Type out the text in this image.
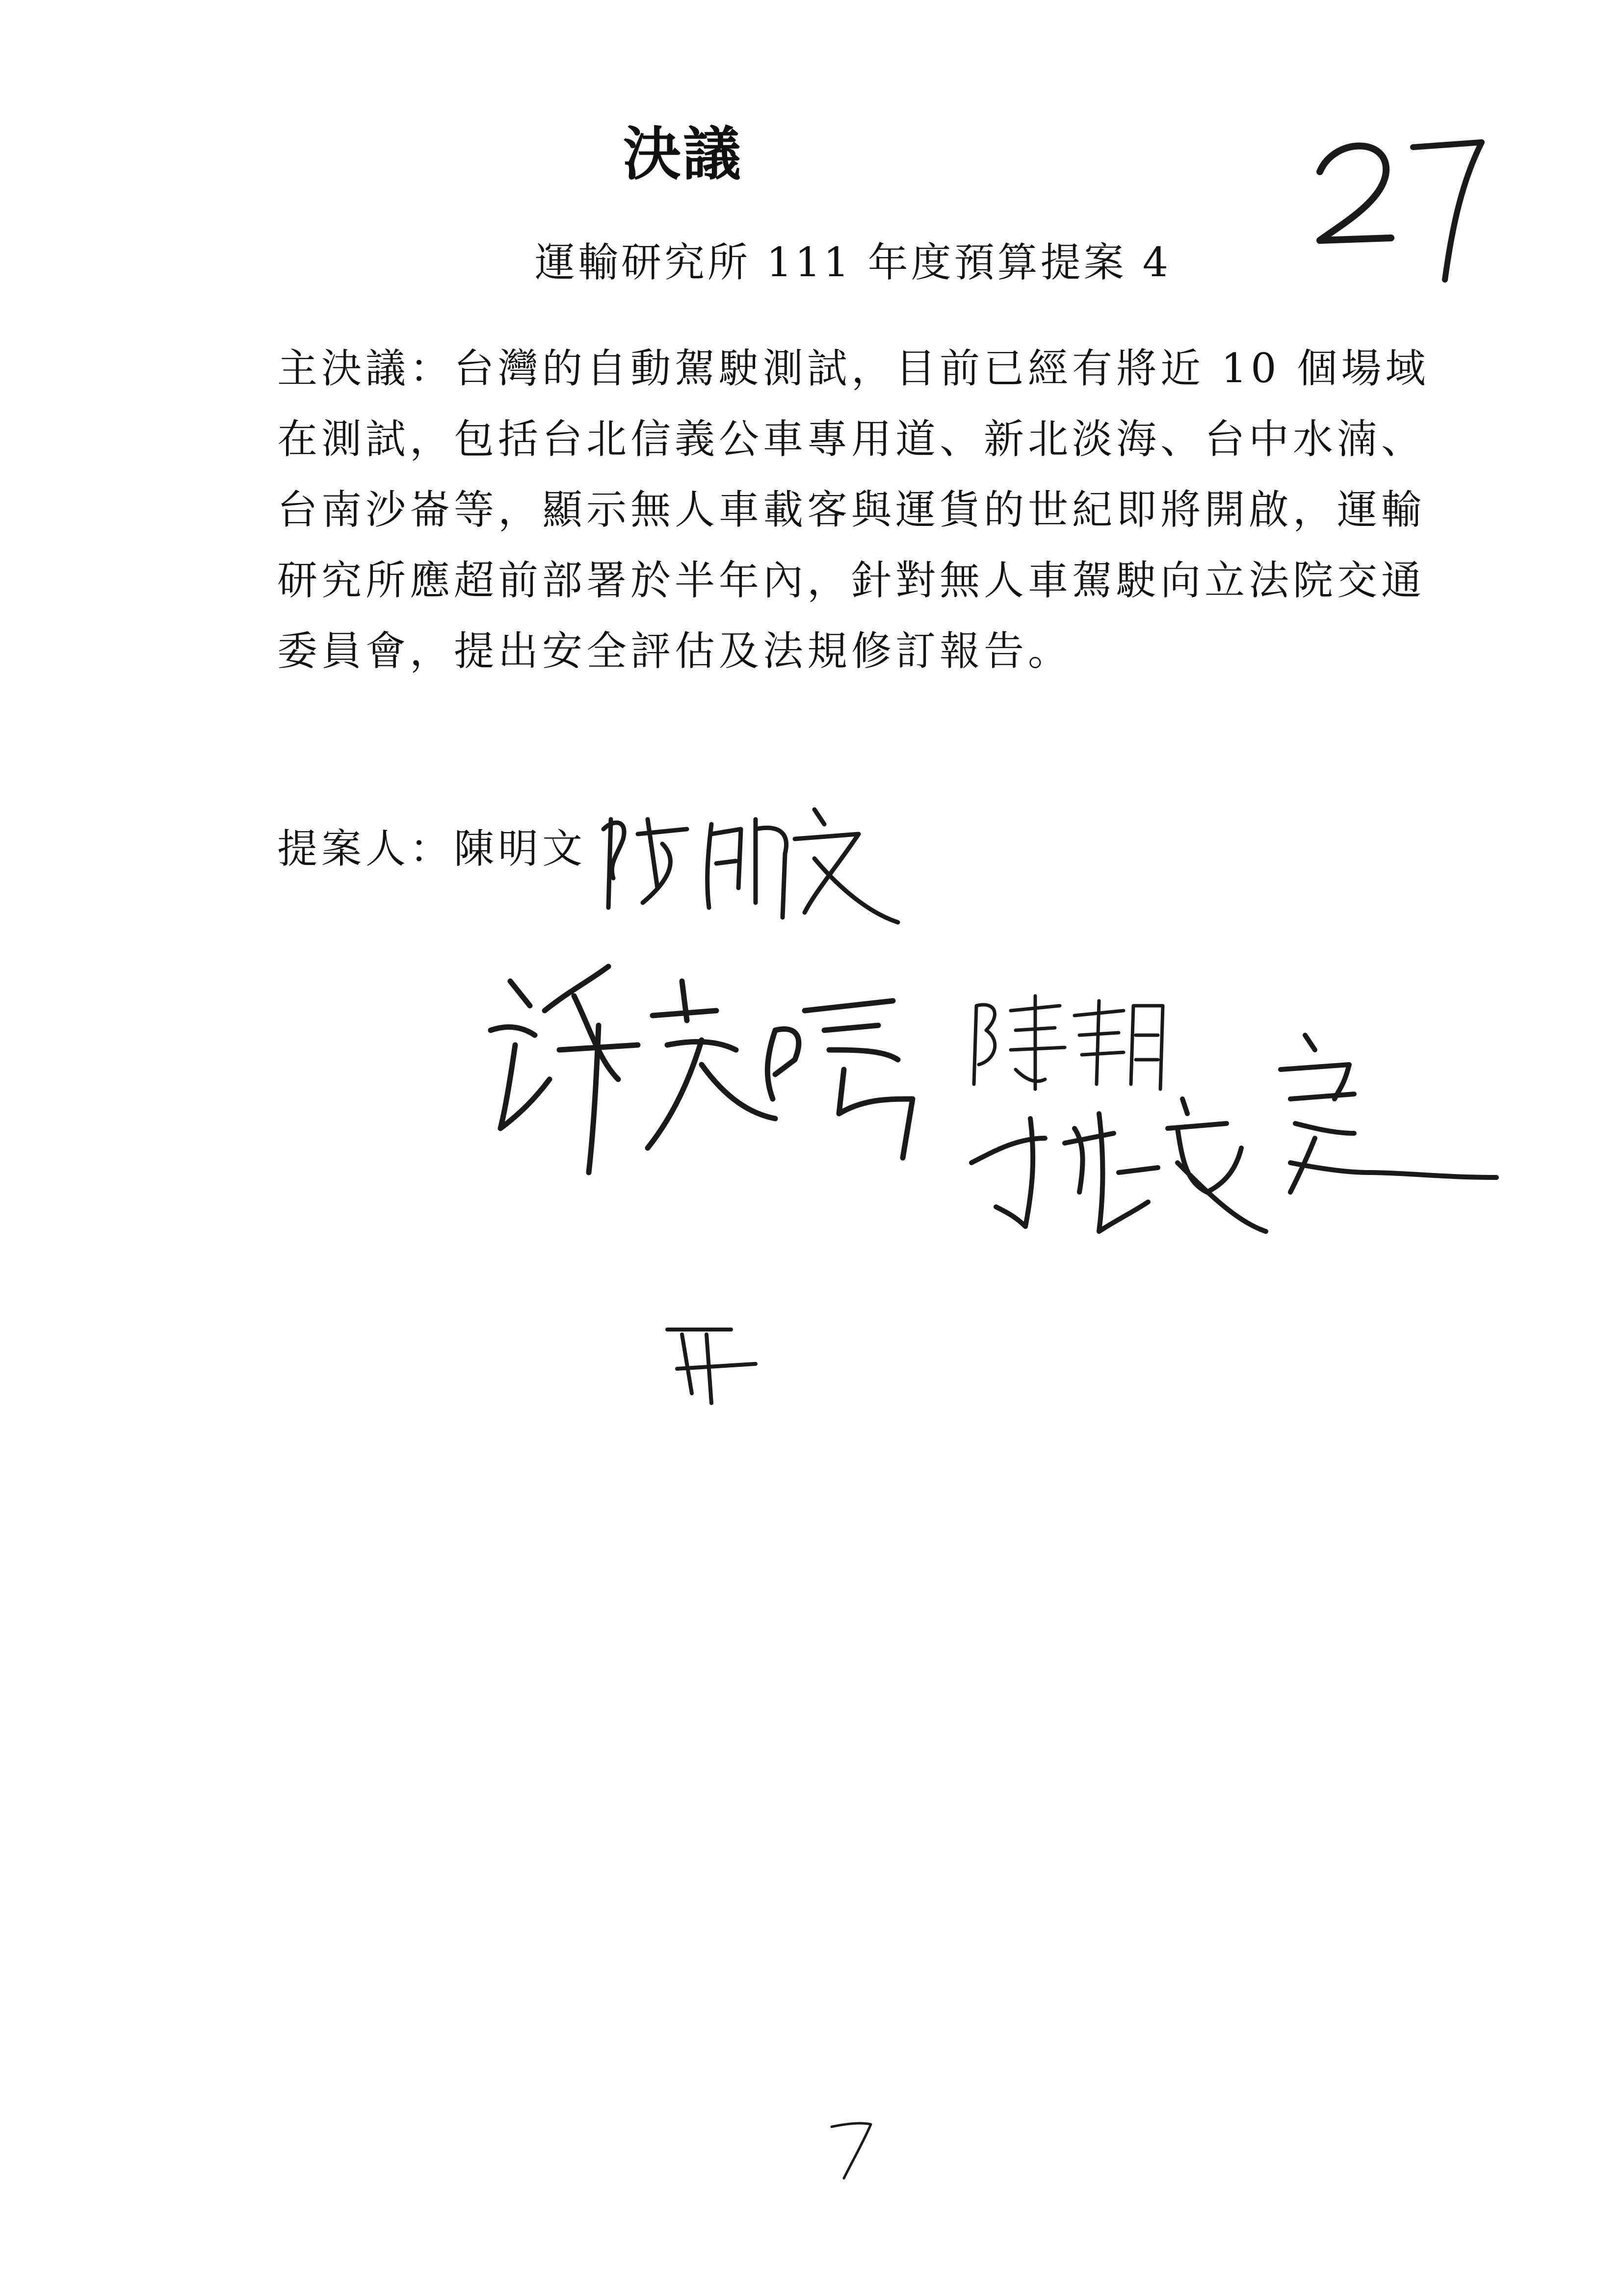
決議
運輸研究所 111 年度預算提案 4
主決議：台灣的自動駕駛測試，目前已經有將近 10 個場域
在測試，包括台北信義公車專用道、新北淡海、台中水湳、
台南沙崙等，顯示無人車載客與運貨的世紀即將開啟，運輸
研究所應超前部署於半年內，針對無人車駕駛向立法院交通
委員會，提出安全評估及法規修訂報告。
提案人：陳明文
